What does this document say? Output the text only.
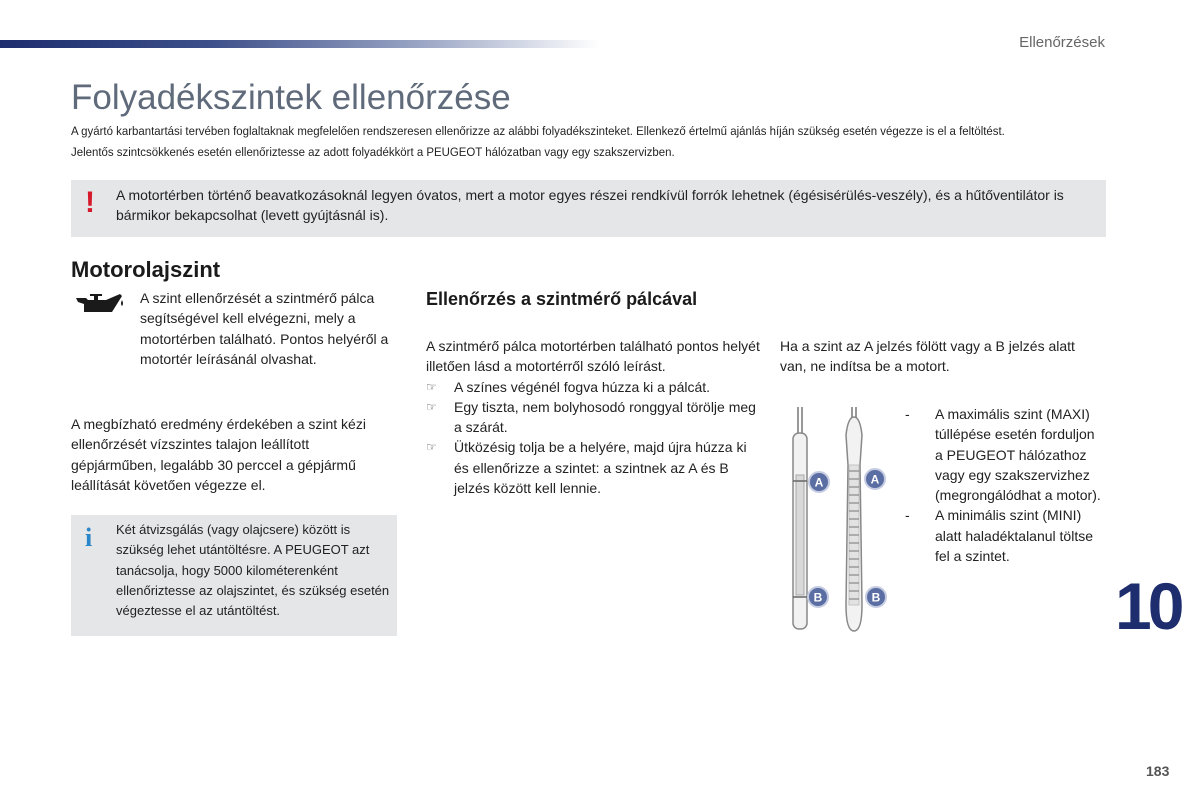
Ellenőrzések
Folyadékszintek ellenőrzése
A gyártó karbantartási tervében foglaltaknak megfelelően rendszeresen ellenőrizze az alábbi folyadékszinteket. Ellenkező értelmű ajánlás híján szükség esetén végezze is el a feltöltést.
Jelentős szintcsökkenés esetén ellenőriztesse az adott folyadékkört a PEUGEOT hálózatban vagy egy szakszervizben.
! A motortérben történő beavatkozásoknál legyen óvatos, mert a motor egyes részei rendkívül forrók lehetnek (égésisérülés-veszély), és a hűtőventilátor is bármikor bekapcsolhat (levett gyújtásnál is).
Motorolajszint
A szint ellenőrzését a szintmérő pálca segítségével kell elvégezni, mely a motortérben található. Pontos helyéről a motortér leírásánál olvashat.
A megbízható eredmény érdekében a szint kézi ellenőrzését vízszintes talajon leállított gépjárműben, legalább 30 perccel a gépjármű leállítását követően végezze el.
i Két átvizsgálás (vagy olajcsere) között is szükség lehet utántöltésre. A PEUGEOT azt tanácsolja, hogy 5000 kilométerenként ellenőriztesse az olajszintet, és szükség esetén végeztesse el az utántöltést.
Ellenőrzés a szintmérő pálcával

A szintmérő pálca motortérben található pontos helyét illetően lásd a motortérről szóló leírást.

☞ A színes végénél fogva húzza ki a pálcát.
☞ Egy tiszta, nem bolyhosodó ronggyal törölje meg a szárát.
☞ Ütközésig tolja be a helyére, majd újra húzza ki és ellenőrizze a szintet: a szintnek az A és B jelzés között kell lennie.
Ha a szint az A jelzés fölött vagy a B jelzés alatt van, ne indítsa be a motort.
A
B
A
B
- A maximális szint (MAXI) túllépése esetén forduljon a PEUGEOT hálózathoz vagy egy szakszervizhez (megrongálódhat a motor).
- A minimális szint (MINI) alatt haladéktalanul töltse fel a szintet.
10
183
